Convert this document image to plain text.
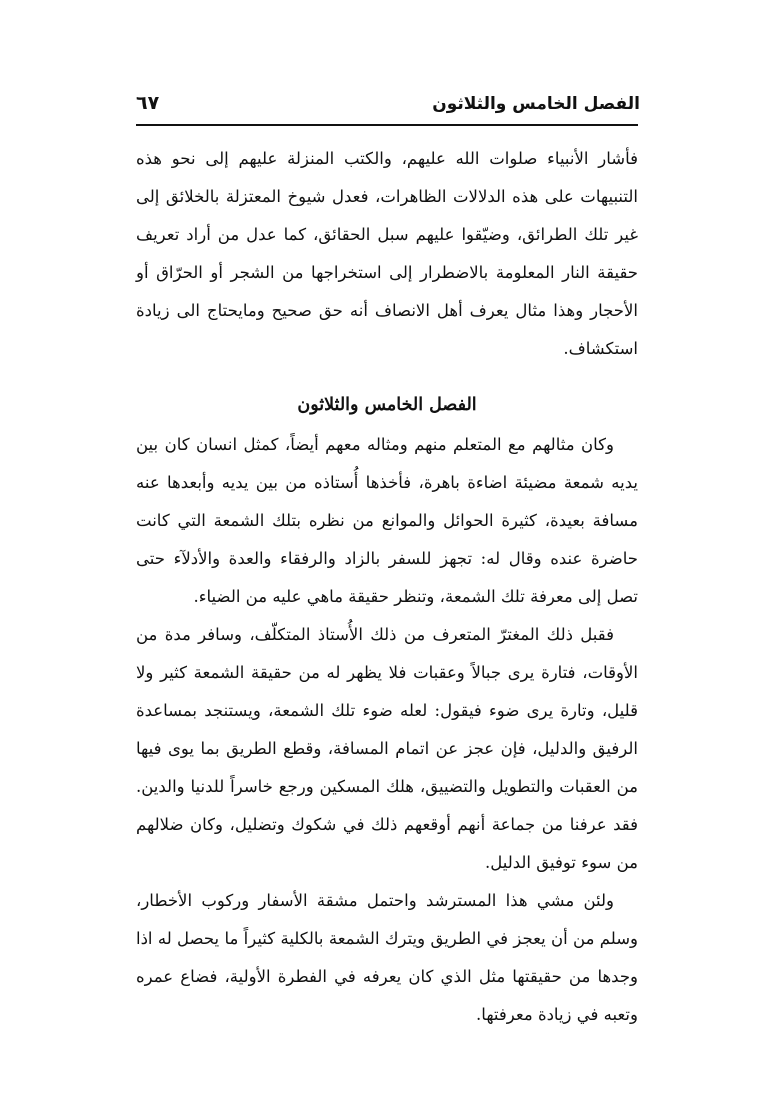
الفصل الخامس والثلاثون
٦٧

فأشار الأنبياء صلوات الله عليهم، والكتب المنزلة عليهم إلى نحو هذه التنبيهات على هذه الدلالات الظاهرات، فعدل شيوخ المعتزلة بالخلائق إلى غير تلك الطرائق، وضيّقوا عليهم سبل الحقائق، كما عدل من أراد تعريف حقيقة النار المعلومة بالاضطرار إلى استخراجها من الشجر أو الحرّاق أو الأحجار وهذا مثال يعرف أهل الانصاف أنه حق صحيح ومايحتاج الى زيادة استكشاف.

الفصل الخامس والثلاثون

وكان مثالهم مع المتعلم منهم ومثاله معهم أيضاً، كمثل انسان كان بين يديه شمعة مضيئة اضاءة باهرة، فأخذها أُستاذه من بين يديه وأبعدها عنه مسافة بعيدة، كثيرة الحوائل والموانع من نظره بتلك الشمعة التي كانت حاضرة عنده وقال له: تجهز للسفر بالزاد والرفقاء والعدة والأدلآء حتى تصل إلى معرفة تلك الشمعة، وتنظر حقيقة ماهي عليه من الضياء.

فقبل ذلك المغترّ المتعرف من ذلك الأُستاذ المتكلّف، وسافر مدة من الأوقات، فتارة يرى جبالاً وعقبات فلا يظهر له من حقيقة الشمعة كثير ولا قليل، وتارة يرى ضوء فيقول: لعله ضوء تلك الشمعة، ويستنجد بمساعدة الرفيق والدليل، فإن عجز عن اتمام المسافة، وقطع الطريق بما يوى فيها من العقبات والتطويل والتضييق، هلك المسكين ورجع خاسراً للدنيا والدين. فقد عرفنا من جماعة أنهم أوقعهم ذلك في شكوك وتضليل، وكان ضلالهم من سوء توفيق الدليل.

ولئن مشي هذا المسترشد واحتمل مشقة الأسفار وركوب الأخطار، وسلم من أن يعجز في الطريق ويترك الشمعة بالكلية كثيراً ما يحصل له اذا وجدها من حقيقتها مثل الذي كان يعرفه في الفطرة الأولية، فضاع عمره وتعبه في زيادة معرفتها.
